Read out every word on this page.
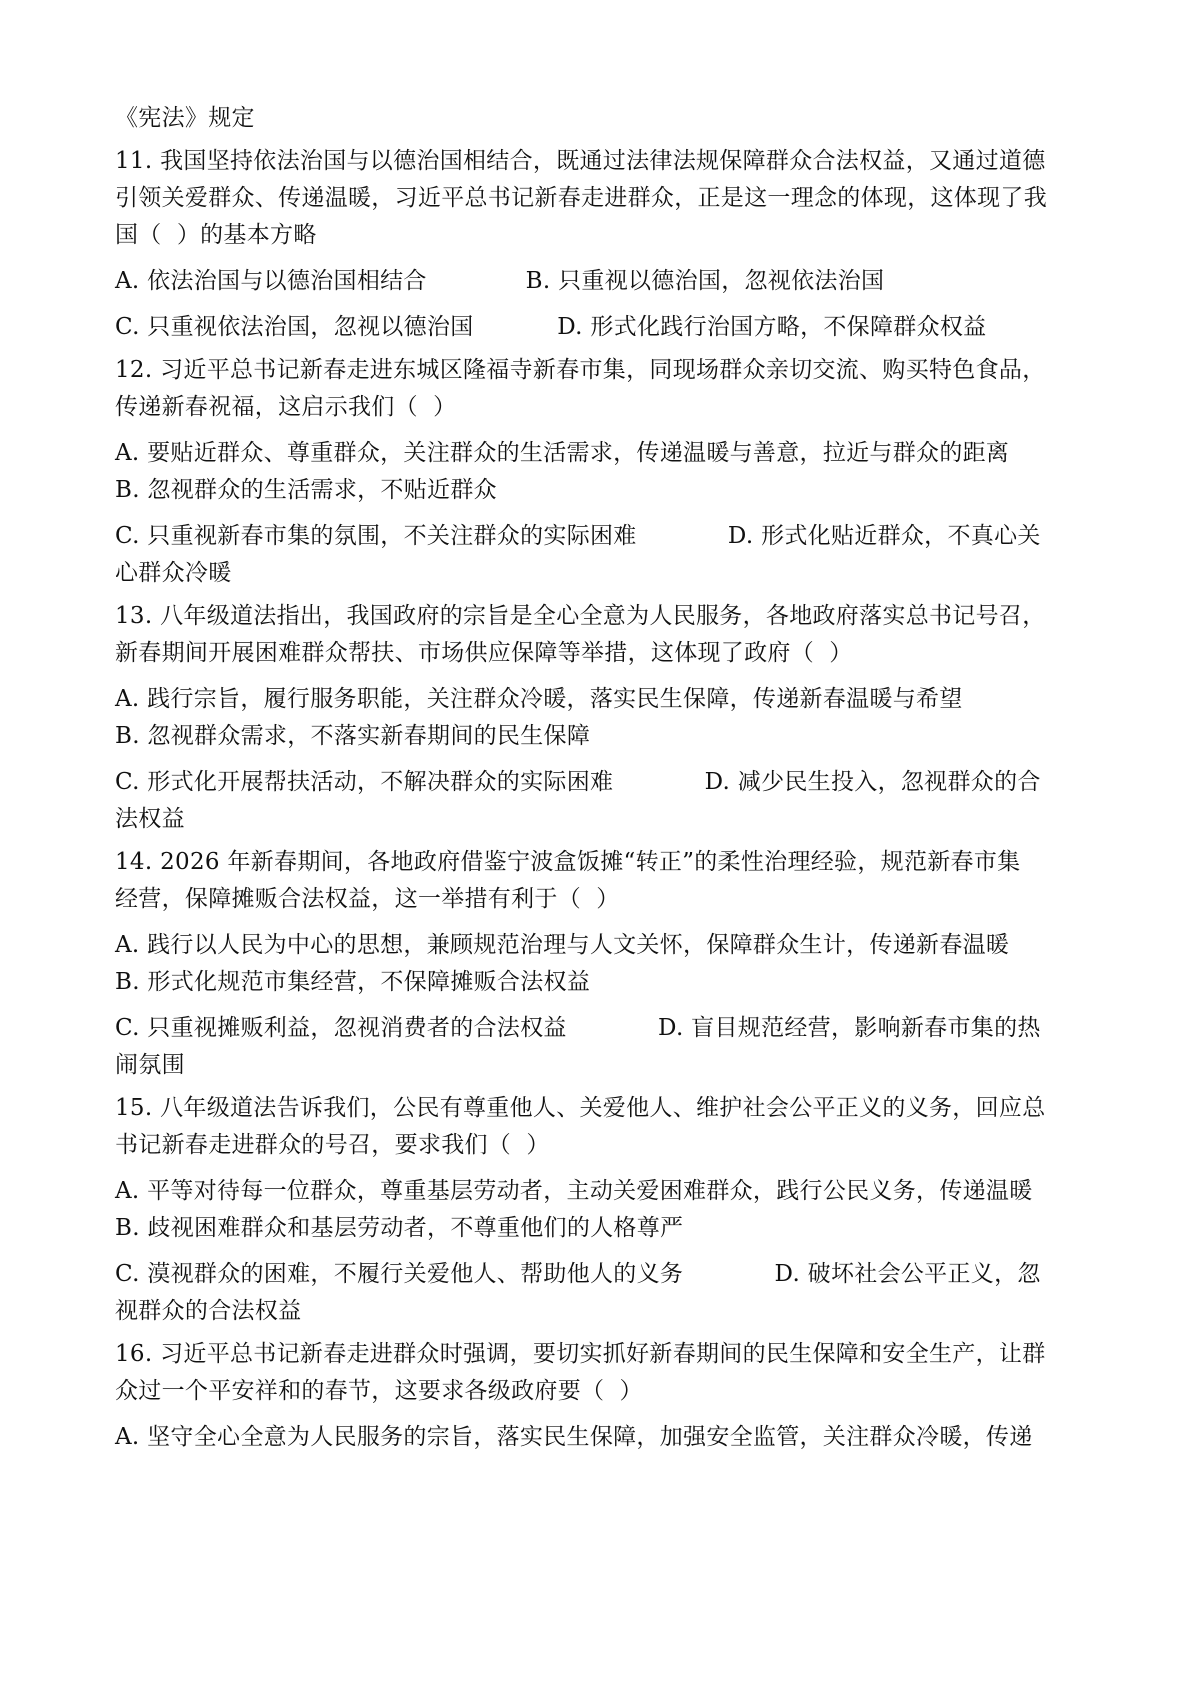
《宪法》规定
11. 我国坚持依法治国与以德治国相结合，既通过法律法规保障群众合法权益，又通过道德
引领关爱群众、传递温暖，习近平总书记新春走进群众，正是这一理念的体现，这体现了我
国（  ）的基本方略
A. 依法治国与以德治国相结合             B. 只重视以德治国，忽视依法治国
C. 只重视依法治国，忽视以德治国           D. 形式化践行治国方略，不保障群众权益
12. 习近平总书记新春走进东城区隆福寺新春市集，同现场群众亲切交流、购买特色食品，
传递新春祝福，这启示我们（  ）
A. 要贴近群众、尊重群众，关注群众的生活需求，传递温暖与善意，拉近与群众的距离
B. 忽视群众的生活需求，不贴近群众
C. 只重视新春市集的氛围，不关注群众的实际困难            D. 形式化贴近群众，不真心关
心群众冷暖
13. 八年级道法指出，我国政府的宗旨是全心全意为人民服务，各地政府落实总书记号召，
新春期间开展困难群众帮扶、市场供应保障等举措，这体现了政府（  ）
A. 践行宗旨，履行服务职能，关注群众冷暖，落实民生保障，传递新春温暖与希望
B. 忽视群众需求，不落实新春期间的民生保障
C. 形式化开展帮扶活动，不解决群众的实际困难            D. 减少民生投入，忽视群众的合
法权益
14. 2026 年新春期间，各地政府借鉴宁波盒饭摊“转正”的柔性治理经验，规范新春市集
经营，保障摊贩合法权益，这一举措有利于（  ）
A. 践行以人民为中心的思想，兼顾规范治理与人文关怀，保障群众生计，传递新春温暖
B. 形式化规范市集经营，不保障摊贩合法权益
C. 只重视摊贩利益，忽视消费者的合法权益            D. 盲目规范经营，影响新春市集的热
闹氛围
15. 八年级道法告诉我们，公民有尊重他人、关爱他人、维护社会公平正义的义务，回应总
书记新春走进群众的号召，要求我们（  ）
A. 平等对待每一位群众，尊重基层劳动者，主动关爱困难群众，践行公民义务，传递温暖
B. 歧视困难群众和基层劳动者，不尊重他们的人格尊严
C. 漠视群众的困难，不履行关爱他人、帮助他人的义务            D. 破坏社会公平正义，忽
视群众的合法权益
16. 习近平总书记新春走进群众时强调，要切实抓好新春期间的民生保障和安全生产，让群
众过一个平安祥和的春节，这要求各级政府要（  ）
A. 坚守全心全意为人民服务的宗旨，落实民生保障，加强安全监管，关注群众冷暖，传递
